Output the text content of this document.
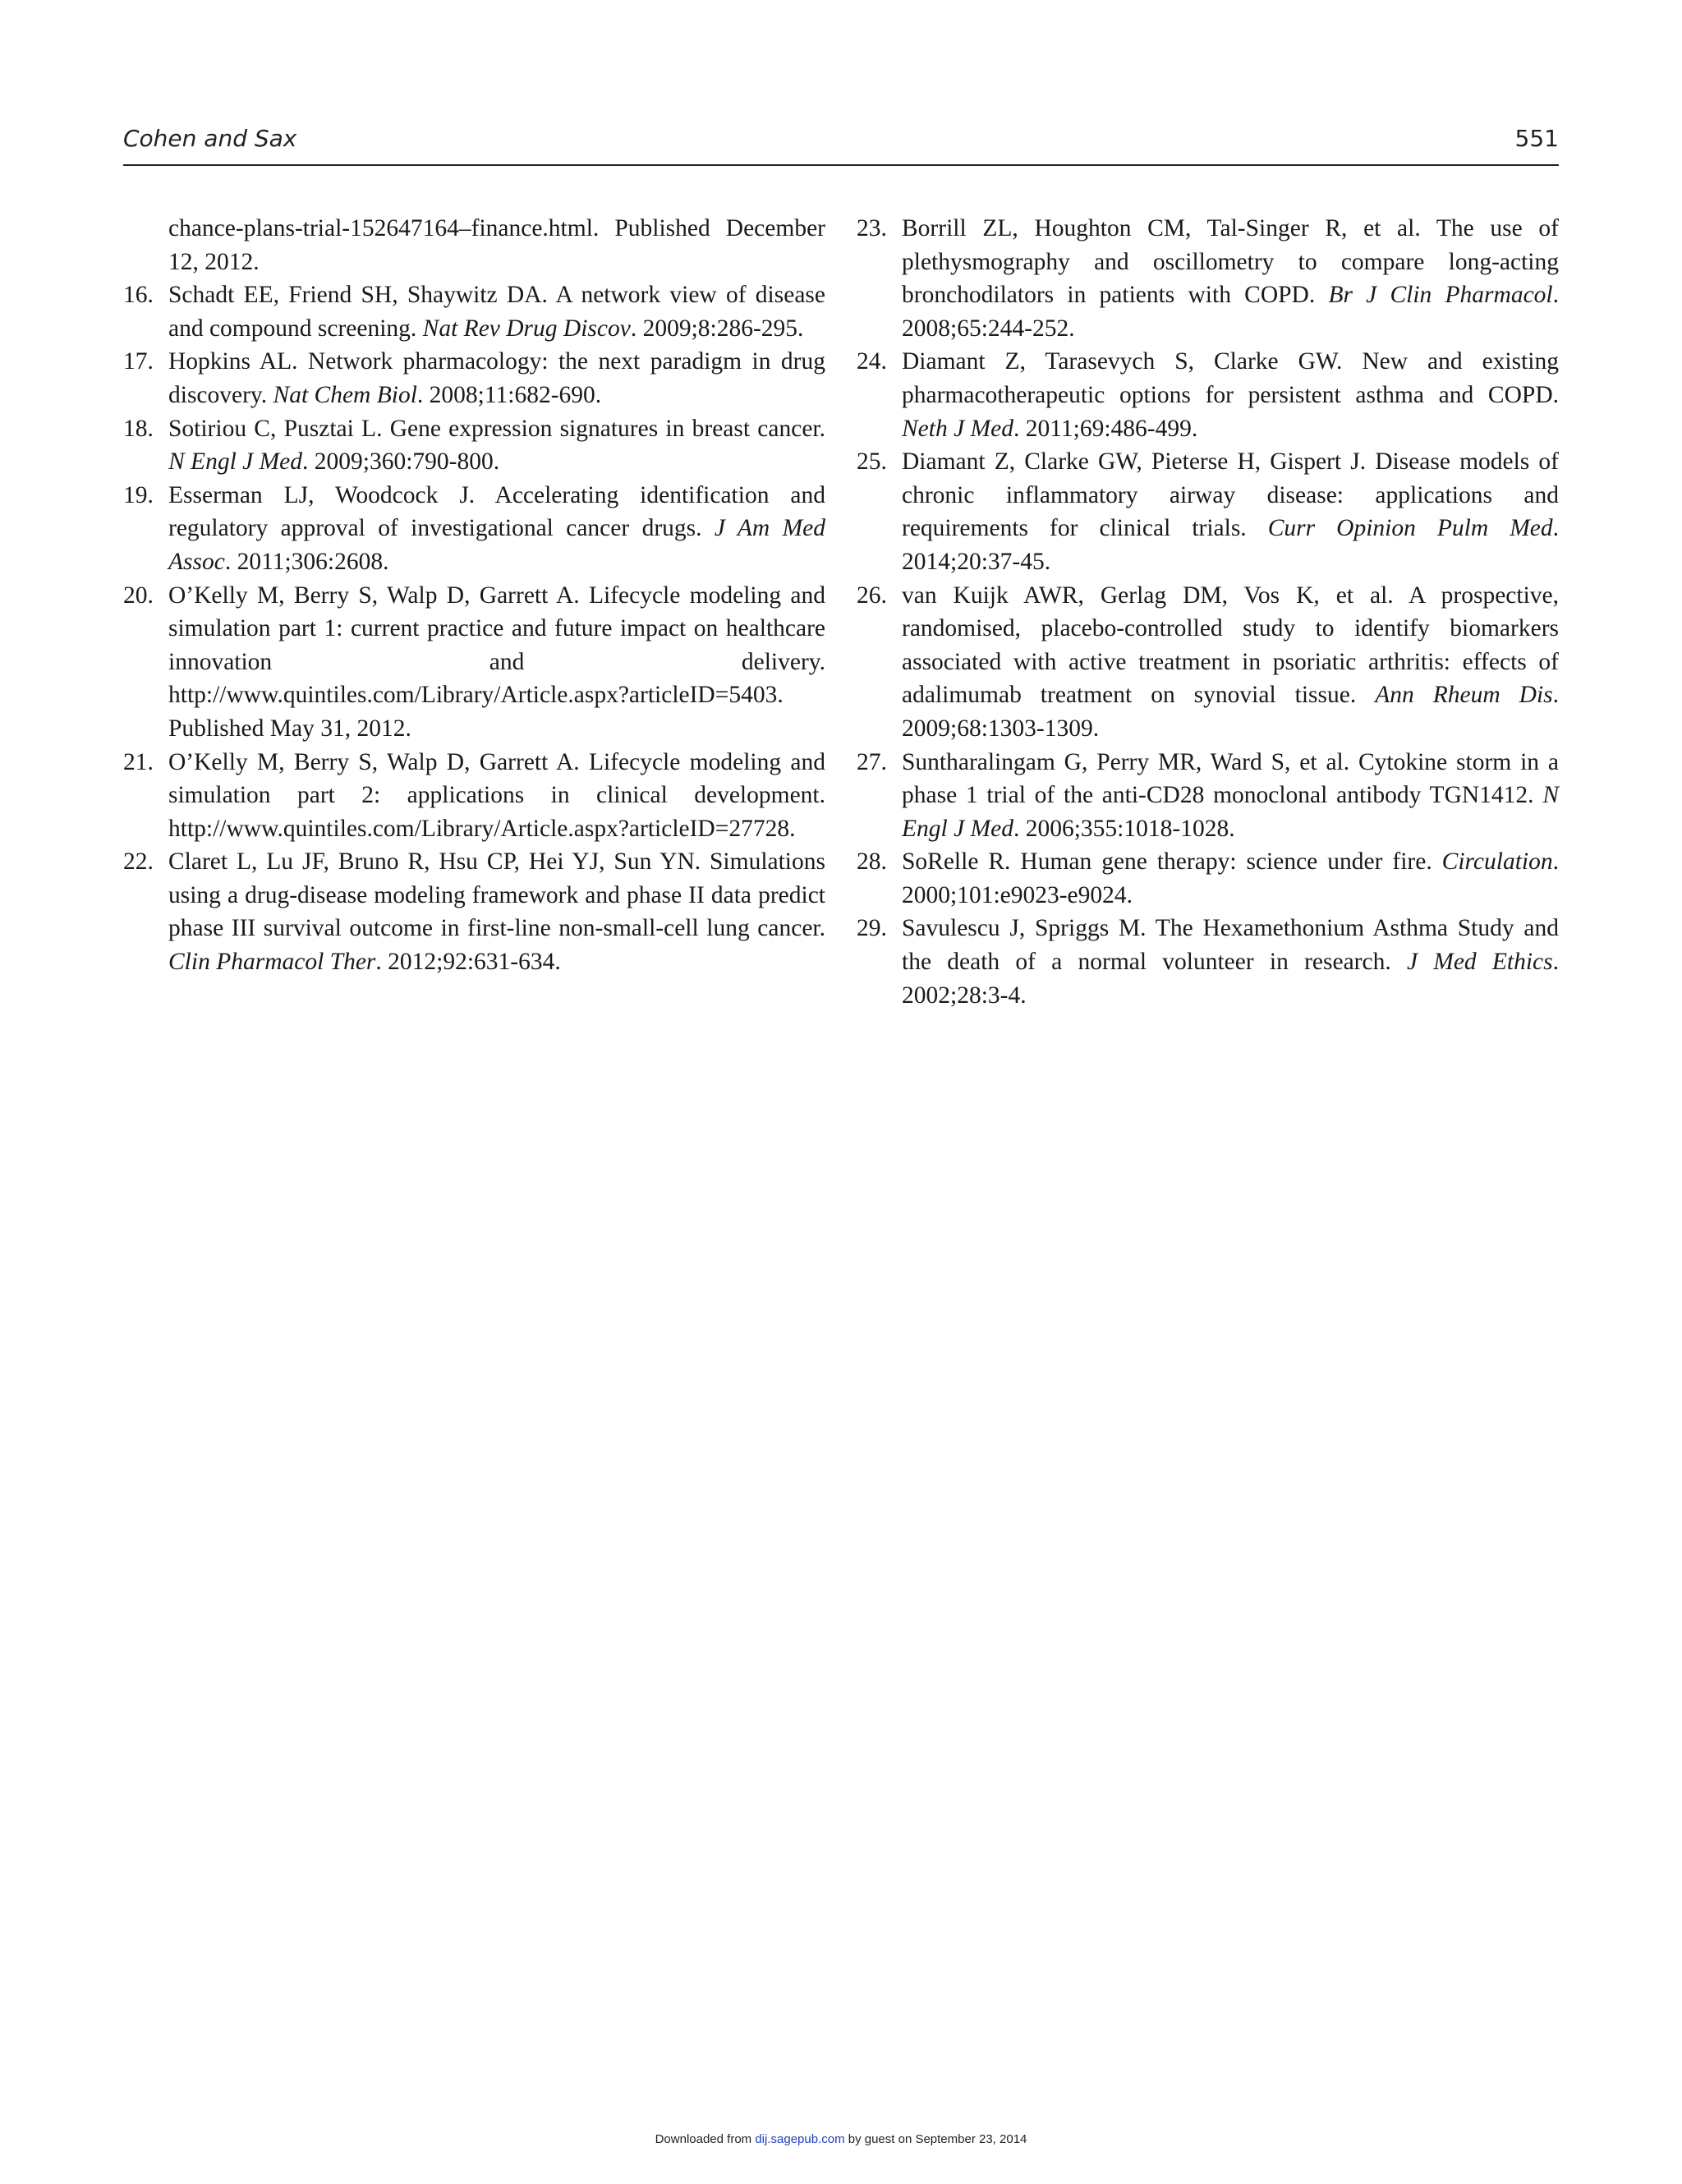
Cohen and Sax	551
chance-plans-trial-152647164–finance.html. Published December 12, 2012.
16. Schadt EE, Friend SH, Shaywitz DA. A network view of disease and compound screening. Nat Rev Drug Discov. 2009;8:286-295.
17. Hopkins AL. Network pharmacology: the next paradigm in drug discovery. Nat Chem Biol. 2008;11:682-690.
18. Sotiriou C, Pusztai L. Gene expression signatures in breast cancer. N Engl J Med. 2009;360:790-800.
19. Esserman LJ, Woodcock J. Accelerating identification and regulatory approval of investigational cancer drugs. J Am Med Assoc. 2011;306:2608.
20. O’Kelly M, Berry S, Walp D, Garrett A. Lifecycle modeling and simulation part 1: current practice and future impact on healthcare innovation and delivery. http://www.quintiles.com/Library/Article.aspx?articleID=5403. Published May 31, 2012.
21. O’Kelly M, Berry S, Walp D, Garrett A. Lifecycle modeling and simulation part 2: applications in clinical development. http://www.quintiles.com/Library/Article.aspx?articleID=27728.
22. Claret L, Lu JF, Bruno R, Hsu CP, Hei YJ, Sun YN. Simulations using a drug-disease modeling framework and phase II data predict phase III survival outcome in first-line non-small-cell lung cancer. Clin Pharmacol Ther. 2012;92:631-634.
23. Borrill ZL, Houghton CM, Tal-Singer R, et al. The use of plethysmography and oscillometry to compare long-acting bronchodilators in patients with COPD. Br J Clin Pharmacol. 2008;65:244-252.
24. Diamant Z, Tarasevych S, Clarke GW. New and existing pharmacotherapeutic options for persistent asthma and COPD. Neth J Med. 2011;69:486-499.
25. Diamant Z, Clarke GW, Pieterse H, Gispert J. Disease models of chronic inflammatory airway disease: applications and requirements for clinical trials. Curr Opinion Pulm Med. 2014;20:37-45.
26. van Kuijk AWR, Gerlag DM, Vos K, et al. A prospective, randomised, placebo-controlled study to identify biomarkers associated with active treatment in psoriatic arthritis: effects of adalimumab treatment on synovial tissue. Ann Rheum Dis. 2009;68:1303-1309.
27. Suntharalingam G, Perry MR, Ward S, et al. Cytokine storm in a phase 1 trial of the anti-CD28 monoclonal antibody TGN1412. N Engl J Med. 2006;355:1018-1028.
28. SoRelle R. Human gene therapy: science under fire. Circulation. 2000;101:e9023-e9024.
29. Savulescu J, Spriggs M. The Hexamethonium Asthma Study and the death of a normal volunteer in research. J Med Ethics. 2002;28:3-4.
Downloaded from dij.sagepub.com by guest on September 23, 2014
